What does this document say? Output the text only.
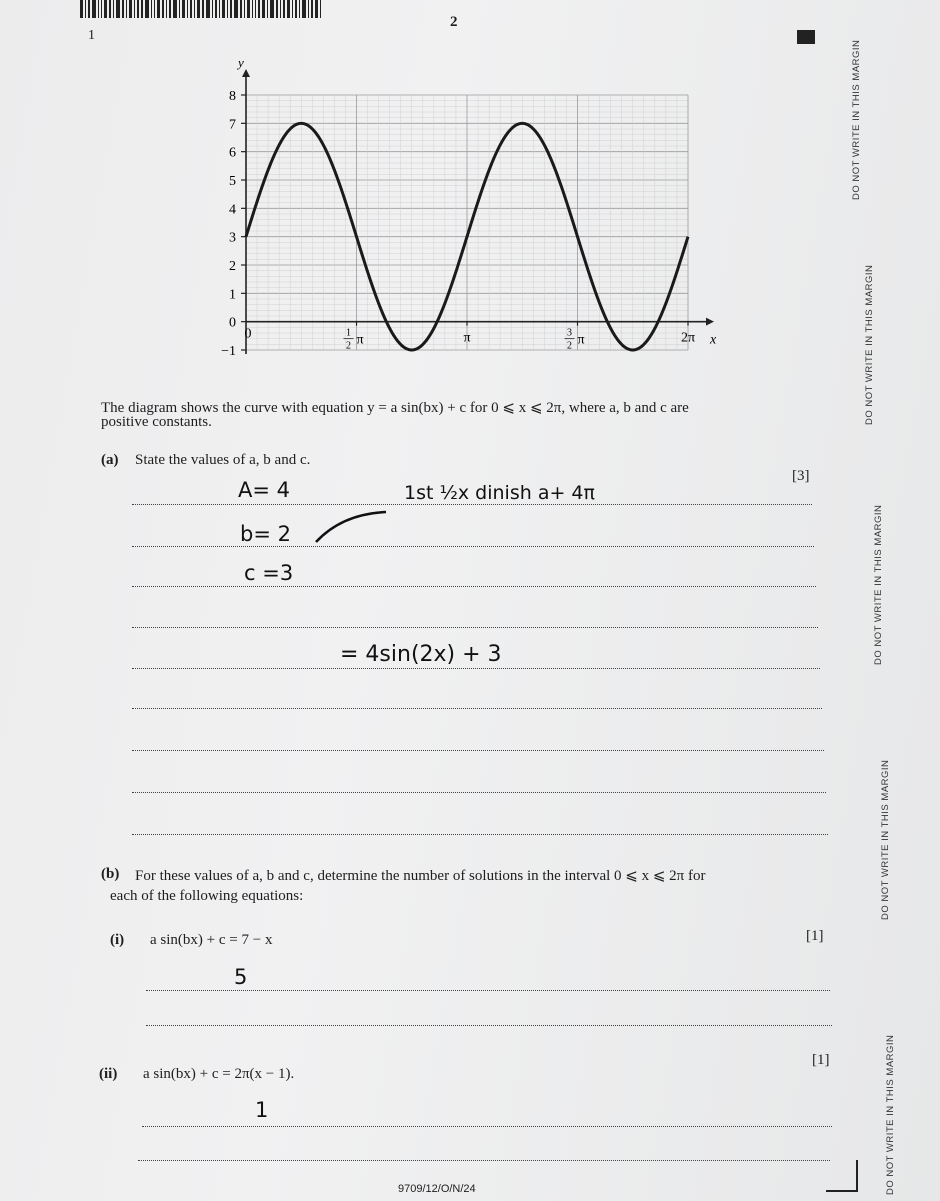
2
1
DO NOT WRITE IN THIS MARGIN
DO NOT WRITE IN THIS MARGIN
DO NOT WRITE IN THIS MARGIN
DO NOT WRITE IN THIS MARGIN
DO NOT WRITE IN THIS MARGIN
x
y
−1
0
1
2
3
4
5
6
7
8
0	1
2 π	π	3
2 π	2π
The diagram shows the curve with equation y = a sin(bx) + c for 0 ⩽ x ⩽ 2π, where a, b and c are
positive constants.
(a) State the values of a, b and c.
[3]
A= 4	1st ½x dinish a+ 4π
b= 2
c =3
= 4sin(2x) + 3
(b) For these values of a, b and c, determine the number of solutions in the interval 0 ⩽ x ⩽ 2π for
each of the following equations:
(i) a sin(bx) + c = 7 − x	[1]
5
(ii) a sin(bx) + c = 2π(x − 1).
[1]
1
9709/12/O/N/24
